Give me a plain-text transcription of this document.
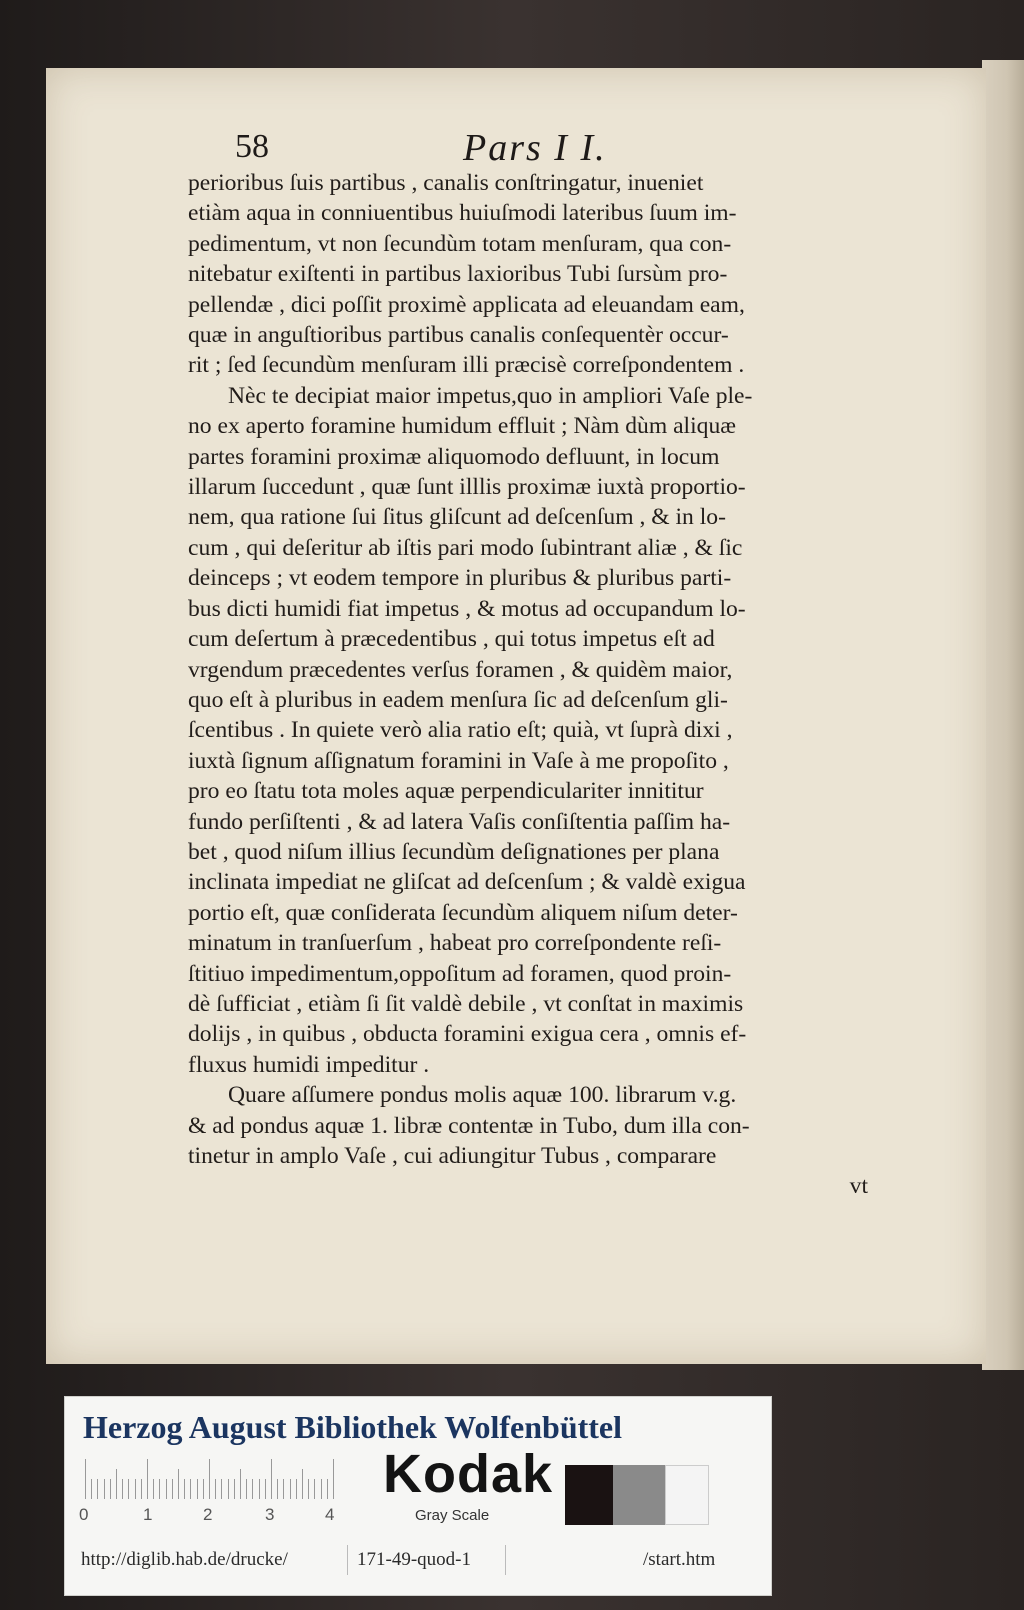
58	Pars I I.
perioribus ſuis partibus , canalis conſtringatur, inueniet
etiàm aqua in conniuentibus huiuſmodi lateribus ſuum im-
pedimentum, vt non ſecundùm totam menſuram, qua con-
nitebatur exiſtenti in partibus laxioribus Tubi ſursùm pro-
pellendæ , dici poſſit proximè applicata ad eleuandam eam,
quæ in anguſtioribus partibus canalis conſequentèr occur-
rit ; ſed ſecundùm menſuram illi præcisè correſpondentem .
Nèc te decipiat maior impetus,quo in ampliori Vaſe ple-
no ex aperto foramine humidum effluit ; Nàm dùm aliquæ
partes foramini proximæ aliquomodo defluunt, in locum
illarum ſuccedunt , quæ ſunt illlis proximæ iuxtà proportio-
nem, qua ratione ſui ſitus gliſcunt ad deſcenſum , & in lo-
cum , qui deſeritur ab iſtis pari modo ſubintrant aliæ , & ſic
deinceps ; vt eodem tempore in pluribus & pluribus parti-
bus dicti humidi fiat impetus , & motus ad occupandum lo-
cum deſertum à præcedentibus , qui totus impetus eſt ad
vrgendum præcedentes verſus foramen , & quidèm maior,
quo eſt à pluribus in eadem menſura ſic ad deſcenſum gli-
ſcentibus . In quiete verò alia ratio eſt; quià, vt ſuprà dixi ,
iuxtà ſignum aſſignatum foramini in Vaſe à me propoſito ,
pro eo ſtatu tota moles aquæ perpendiculariter innititur
fundo perſiſtenti , & ad latera Vaſis conſiſtentia paſſim ha-
bet , quod niſum illius ſecundùm deſignationes per plana
inclinata impediat ne gliſcat ad deſcenſum ; & valdè exigua
portio eſt, quæ conſiderata ſecundùm aliquem niſum deter-
minatum in tranſuerſum , habeat pro correſpondente reſi-
ſtitiuo impedimentum,oppoſitum ad foramen, quod proin-
dè ſufficiat , etiàm ſi ſit valdè debile , vt conſtat in maximis
dolijs , in quibus , obducta foramini exigua cera , omnis ef-
fluxus humidi impeditur .
Quare aſſumere pondus molis aquæ 100. librarum v.g.
& ad pondus aquæ 1. libræ contentæ in Tubo, dum illa con-
tinetur in amplo Vaſe , cui adiungitur Tubus , comparare
vt
Herzog August Bibliothek Wolfenbüttel
0	1	2	3	4
Kodak
Gray Scale
http://diglib.hab.de/drucke/	171-49-quod-1	/start.htm
